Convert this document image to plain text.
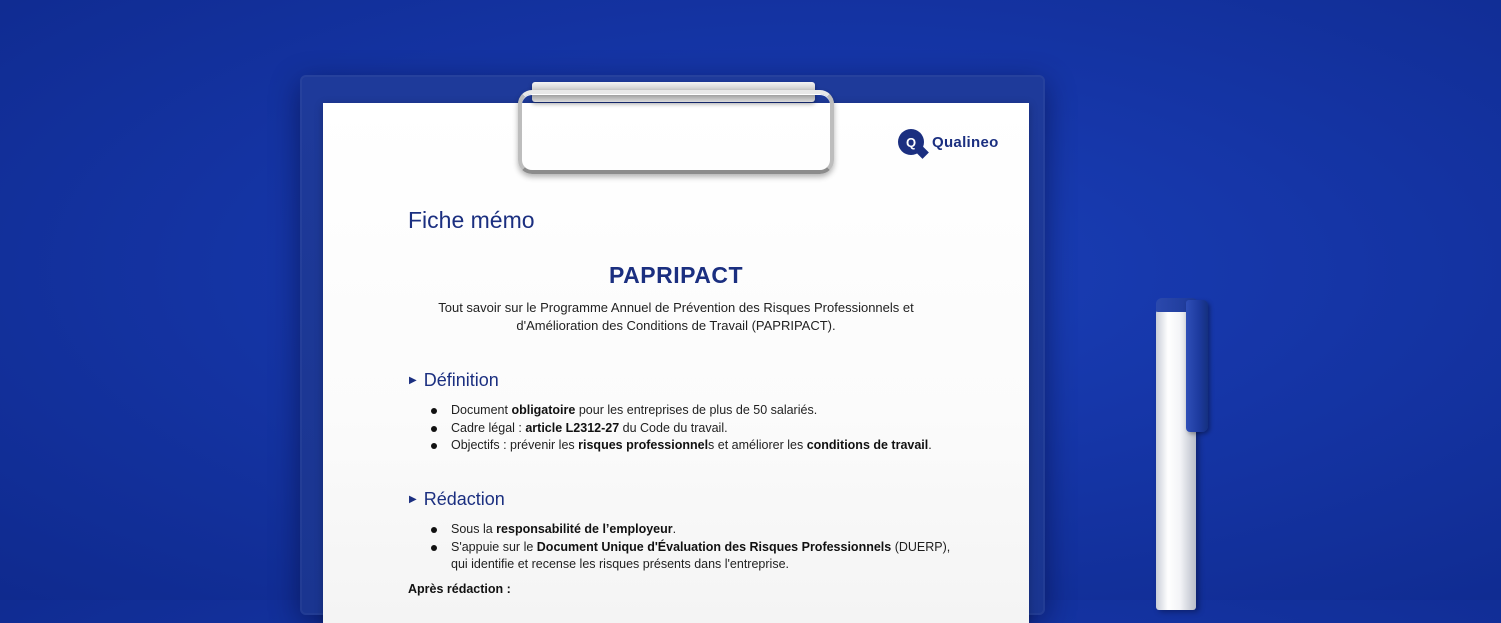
Q Qualineo
Fiche mémo
PAPRIPACT
Tout savoir sur le Programme Annuel de Prévention des Risques Professionnels et
d'Amélioration des Conditions de Travail (PAPRIPACT).
▶ Définition
Document obligatoire pour les entreprises de plus de 50 salariés.
Cadre légal : article L2312-27 du Code du travail.
Objectifs : prévenir les risques professionnels et améliorer les conditions de travail.
▶ Rédaction
Sous la responsabilité de l’employeur.
S'appuie sur le Document Unique d'Évaluation des Risques Professionnels (DUERP),
qui identifie et recense les risques présents dans l'entreprise.
Après rédaction :
